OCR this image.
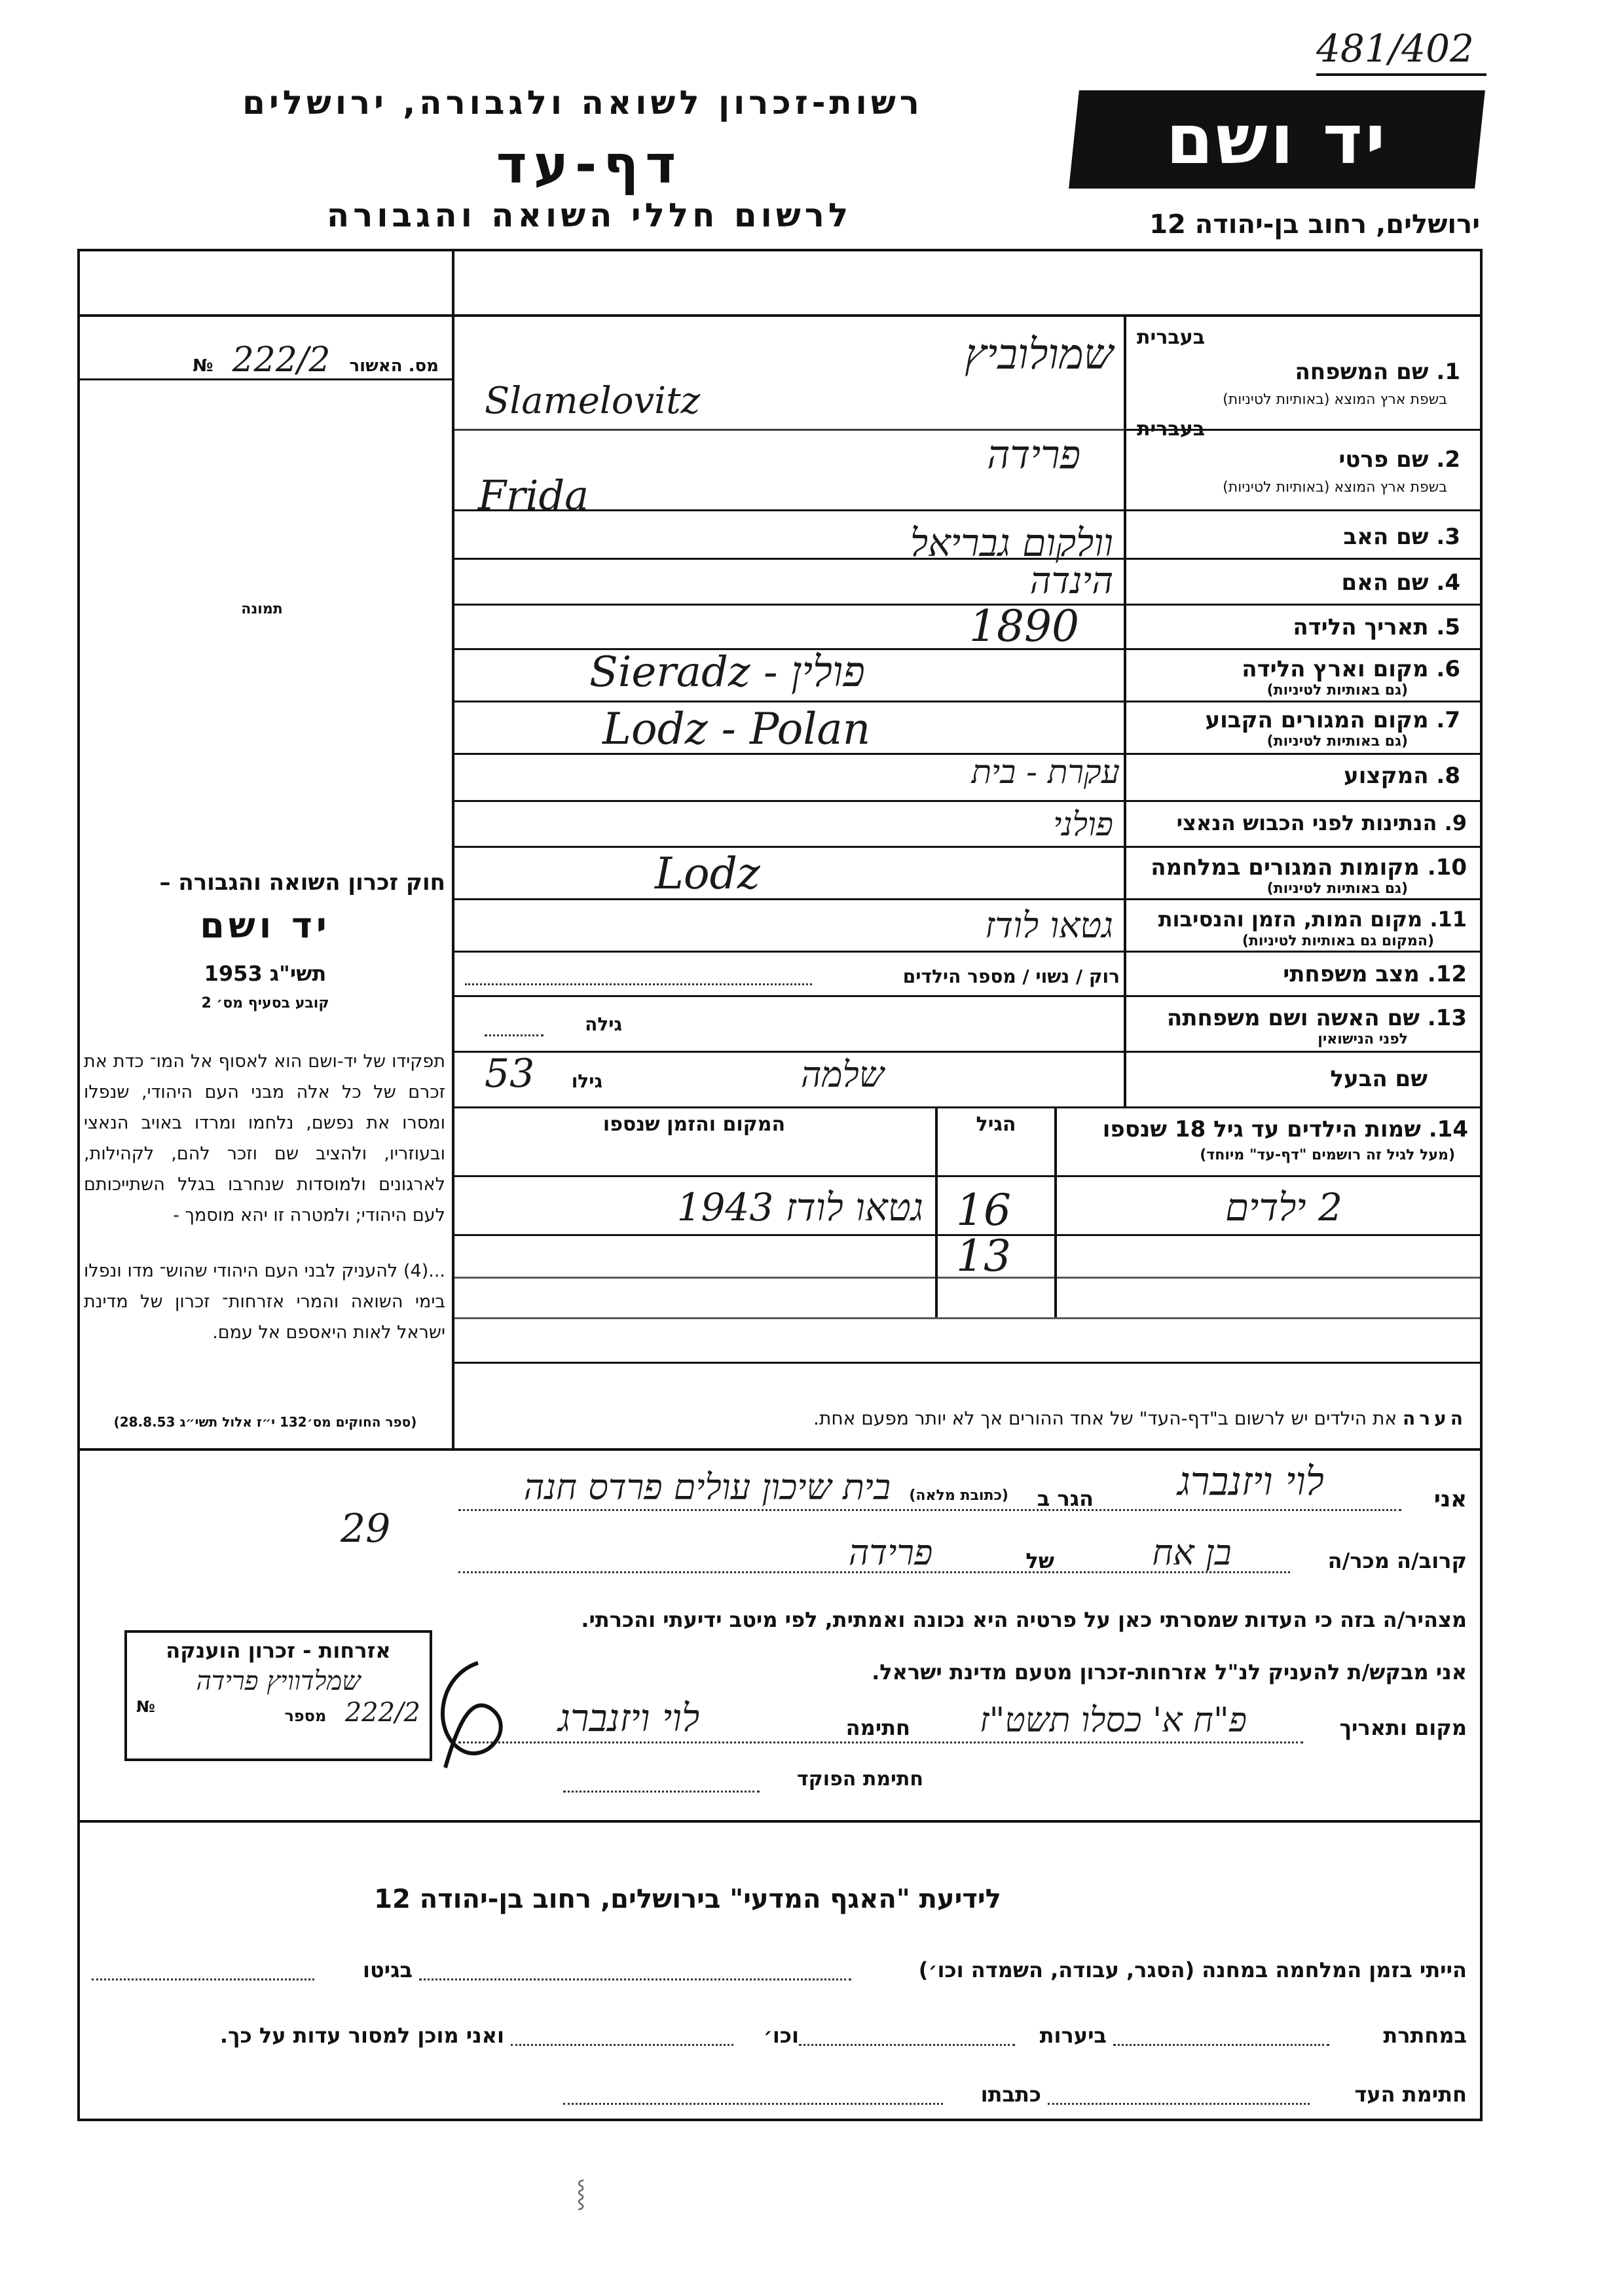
481/402
רשות-זכרון לשואה ולגבורה, ירושלים
דף-עד
לרשום חללי השואה והגבורה
יד ושם
ירושלים, רחוב בן-יהודה 12
מס. האשור 222/2 №
תמונה
חוק זכרון השואה והגבורה –
יד ושם
תשי"ג 1953
קובע בסעיף מס׳ 2
תפקידו של יד-ושם הוא לאסוף אל המו־ כדת את זכרם של כל אלה מבני העם היהודי, שנפלו ומסרו את נפשם, נלחמו ומרדו באויב הנאצי ובעוזריו, ולהציב שם וזכר להם, לקהילות, לארגונים ולמוסדות שנחרבו בגלל השתייכותם לעם היהודי; ולמטרה זו יהא מוסמך -
...(4) להעניק לבני העם היהודי שהוש־ מדו ונפלו בימי השואה והמרי אזרחות־ זכרון של מדינת ישראל לאות היאספם אל עמם.
(ספר החוקים מס׳132 י״ז אלול תשי״ג 28.8.53)
בעברית
1. שם המשפחה
בשפת ארץ המוצא (באותיות לטיניות)
שמולוביץ
Slamelovitz
בעברית
2. שם פרטי
בשפת ארץ המוצא (באותיות לטיניות)
פרידה
Frida
3. שם האב
וולקום גבריאל
4. שם האם
הינדה
5. תאריך הלידה
1890
6. מקום וארץ הלידה
(גם באותיות לטיניות)
Sieradz - פולין
7. מקום המגורים הקבוע
(גם באותיות לטיניות)
Lodz - Polan
8. המקצוע
עקרת - בית
9. הנתינות לפני הכבוש הנאצי
פולני
10. מקומות המגורים במלחמה
(גם באותיות לטיניות)
Lodz
11. מקום המות, הזמן והנסיבות
(המקום גם באותיות לטיניות)
גטאו לודז
12. מצב משפחתי
רוק / נשוי / מספר הילדים
13. שם האשה ושם משפחתה
לפני הנישואין
גילה
שם הבעל
שלמה
גילו
53
14. שמות הילדים עד גיל 18 שנספו
(מעל לגיל זה רושמים "דף-עד" מיוחד)
הגיל
המקום והזמן שנספו
2 ילדים
16
13
גטאו לודז 1943
הערה את הילדים יש לרשום ב"דף-העד" של אחד ההורים אך לא יותר מפעם אחת.
אני
לוי ויזנברג
הגר ב
(כתובת מלאה)
בית שיכון עולים פרדס חנה
29
קרוב/ה מכר/ה
בן אח
של
פרידה
מצהיר/ה בזה כי העדות שמסרתי כאן על פרטיה היא נכונה ואמתית, לפי מיטב ידיעתי והכרתי.
אני מבקש/ת להעניק לנ"ל אזרחות-זכרון מטעם מדינת ישראל.
מקום ותאריך
פ"ח א' כסלו תשט"ז
חתימה
לוי ויזנברג
חתימת הפוקד
אזרחות - זכרון הוענקה
שמלדוויץ פרידה
222/2 מספר
№
לידיעת "האגף המדעי" בירושלים, רחוב בן-יהודה 12
הייתי בזמן המלחמה במחנה (הסגר, עבודה, השמדה וכו׳)
בגיטו
במחתרת
ביערות
וכו׳
ואני מוכן למסור עדות על כך.
חתימת העד
כתבתו
⸾
